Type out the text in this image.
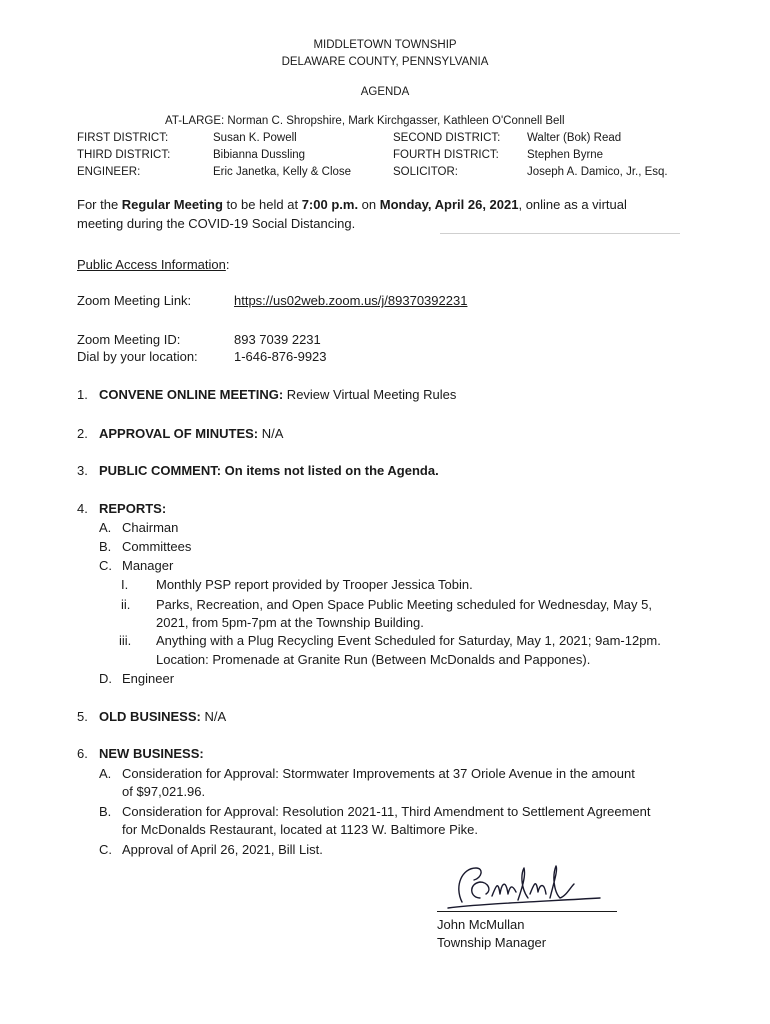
MIDDLETOWN TOWNSHIP
DELAWARE COUNTY, PENNSYLVANIA
AGENDA
AT-LARGE: Norman C. Shropshire, Mark Kirchgasser, Kathleen O'Connell Bell
FIRST DISTRICT:	Susan K. Powell	SECOND DISTRICT: Walter (Bok) Read
THIRD DISTRICT:	Bibianna Dussling	FOURTH DISTRICT: Stephen Byrne
ENGINEER:	Eric Janetka, Kelly & Close	SOLICITOR:	Joseph A. Damico, Jr., Esq.
For the Regular Meeting to be held at 7:00 p.m. on Monday, April 26, 2021, online as a virtual
meeting during the COVID-19 Social Distancing.
Public Access Information:
Zoom Meeting Link:	https://us02web.zoom.us/j/89370392231
Zoom Meeting ID:	893 7039 2231
Dial by your location:	1-646-876-9923
1. CONVENE ONLINE MEETING: Review Virtual Meeting Rules
2. APPROVAL OF MINUTES: N/A
3. PUBLIC COMMENT: On items not listed on the Agenda.
4. REPORTS:
A. Chairman
B. Committees
C. Manager
I. Monthly PSP report provided by Trooper Jessica Tobin.
ii. Parks, Recreation, and Open Space Public Meeting scheduled for Wednesday, May 5,
2021, from 5pm-7pm at the Township Building.
iii. Anything with a Plug Recycling Event Scheduled for Saturday, May 1, 2021; 9am-12pm.
Location: Promenade at Granite Run (Between McDonalds and Pappones).
D. Engineer
5. OLD BUSINESS: N/A
6. NEW BUSINESS:
A. Consideration for Approval: Stormwater Improvements at 37 Oriole Avenue in the amount
of $97,021.96.
B. Consideration for Approval: Resolution 2021-11, Third Amendment to Settlement Agreement
for McDonalds Restaurant, located at 1123 W. Baltimore Pike.
C. Approval of April 26, 2021, Bill List.
John McMullan
Township Manager
